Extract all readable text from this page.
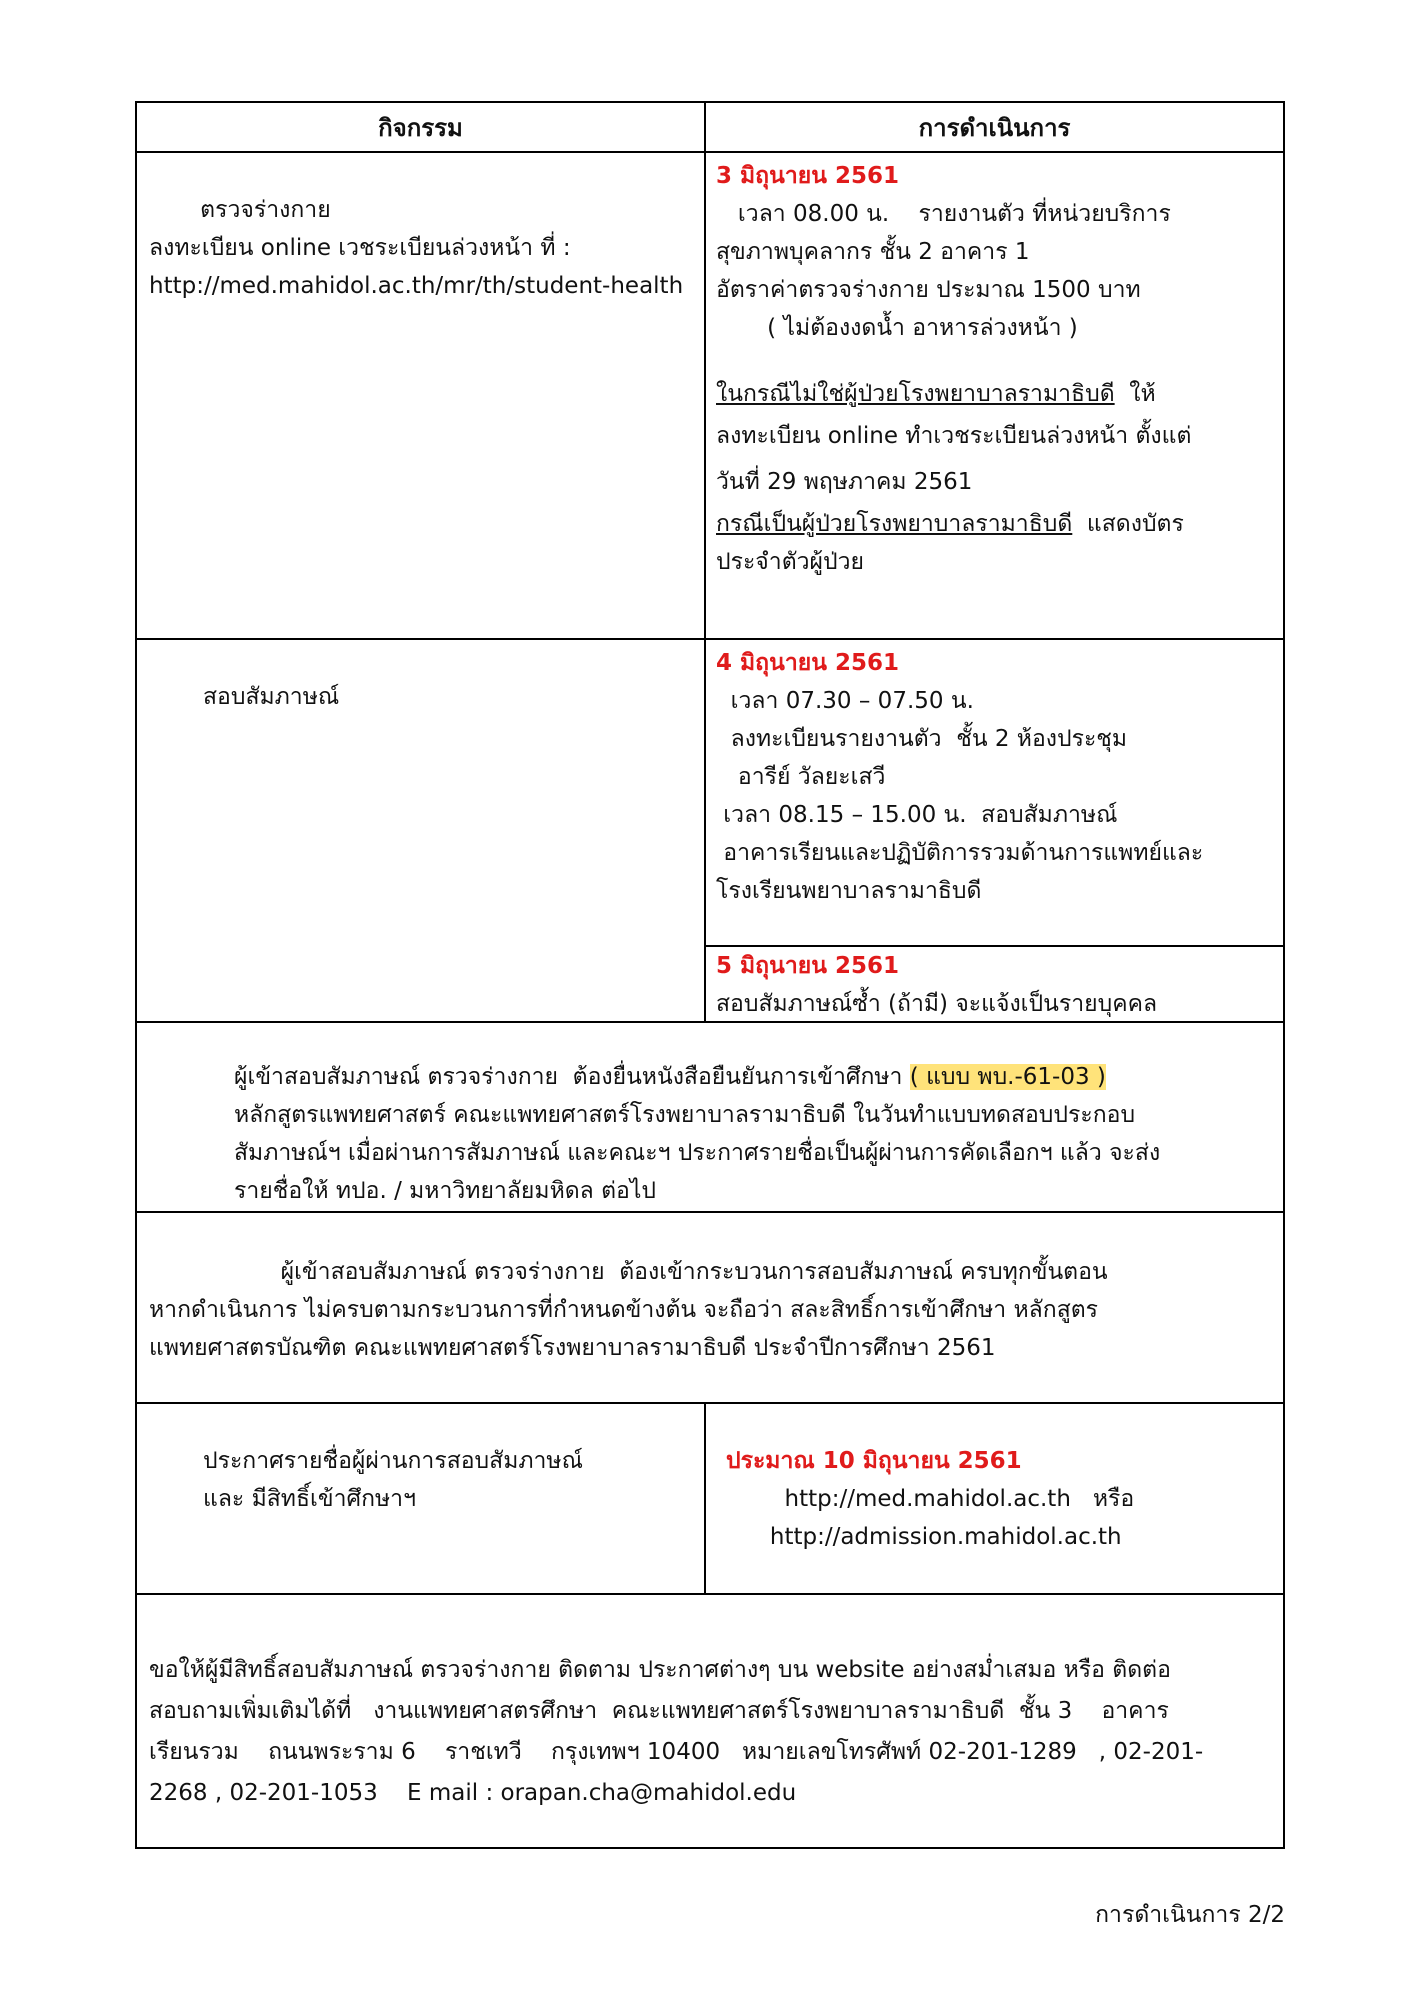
กิจกรรม	การดำเนินการ
ตรวจร่างกาย
ลงทะเบียน online เวชระเบียนล่วงหน้า ที่ :
http://med.mahidol.ac.th/mr/th/student-health
3 มิถุนายน 2561
เวลา 08.00 น.    รายงานตัว ที่หน่วยบริการ
สุขภาพบุคลากร ชั้น 2 อาคาร 1
อัตราค่าตรวจร่างกาย ประมาณ 1500 บาท
( ไม่ต้องงดน้ำ อาหารล่วงหน้า )
ในกรณีไม่ใช่ผู้ป่วยโรงพยาบาลรามาธิบดี  ให้
ลงทะเบียน online ทำเวชระเบียนล่วงหน้า ตั้งแต่
วันที่ 29 พฤษภาคม 2561
กรณีเป็นผู้ป่วยโรงพยาบาลรามาธิบดี  แสดงบัตร
ประจำตัวผู้ป่วย
สอบสัมภาษณ์
4 มิถุนายน 2561
เวลา 07.30 – 07.50 น.
ลงทะเบียนรายงานตัว  ชั้น 2 ห้องประชุม
อารีย์ วัลยะเสวี
เวลา 08.15 – 15.00 น.  สอบสัมภาษณ์
อาคารเรียนและปฏิบัติการรวมด้านการแพทย์และ
โรงเรียนพยาบาลรามาธิบดี
5 มิถุนายน 2561
สอบสัมภาษณ์ซ้ำ (ถ้ามี) จะแจ้งเป็นรายบุคคล
ผู้เข้าสอบสัมภาษณ์ ตรวจร่างกาย  ต้องยื่นหนังสือยืนยันการเข้าศึกษา ( แบบ พบ.-61-03 )
หลักสูตรแพทยศาสตร์ คณะแพทยศาสตร์โรงพยาบาลรามาธิบดี ในวันทำแบบทดสอบประกอบ
สัมภาษณ์ฯ เมื่อผ่านการสัมภาษณ์ และคณะฯ ประกาศรายชื่อเป็นผู้ผ่านการคัดเลือกฯ แล้ว จะส่ง
รายชื่อให้ ทปอ. / มหาวิทยาลัยมหิดล ต่อไป
ผู้เข้าสอบสัมภาษณ์ ตรวจร่างกาย  ต้องเข้ากระบวนการสอบสัมภาษณ์ ครบทุกขั้นตอน
หากดำเนินการ ไม่ครบตามกระบวนการที่กำหนดข้างต้น จะถือว่า สละสิทธิ์การเข้าศึกษา หลักสูตร
แพทยศาสตรบัณฑิต คณะแพทยศาสตร์โรงพยาบาลรามาธิบดี ประจำปีการศึกษา 2561
ประกาศรายชื่อผู้ผ่านการสอบสัมภาษณ์
และ มีสิทธิ์เข้าศึกษาฯ
ประมาณ 10 มิถุนายน 2561
http://med.mahidol.ac.th   หรือ
http://admission.mahidol.ac.th
ขอให้ผู้มีสิทธิ์สอบสัมภาษณ์ ตรวจร่างกาย ติดตาม ประกาศต่างๆ บน website อย่างสม่ำเสมอ หรือ ติดต่อ
สอบถามเพิ่มเติมได้ที่   งานแพทยศาสตรศึกษา  คณะแพทยศาสตร์โรงพยาบาลรามาธิบดี  ชั้น 3    อาคาร
เรียนรวม    ถนนพระราม 6    ราชเทวี    กรุงเทพฯ 10400   หมายเลขโทรศัพท์ 02-201-1289   , 02-201-
2268 , 02-201-1053    E mail : orapan.cha@mahidol.edu
การดำเนินการ 2/2
